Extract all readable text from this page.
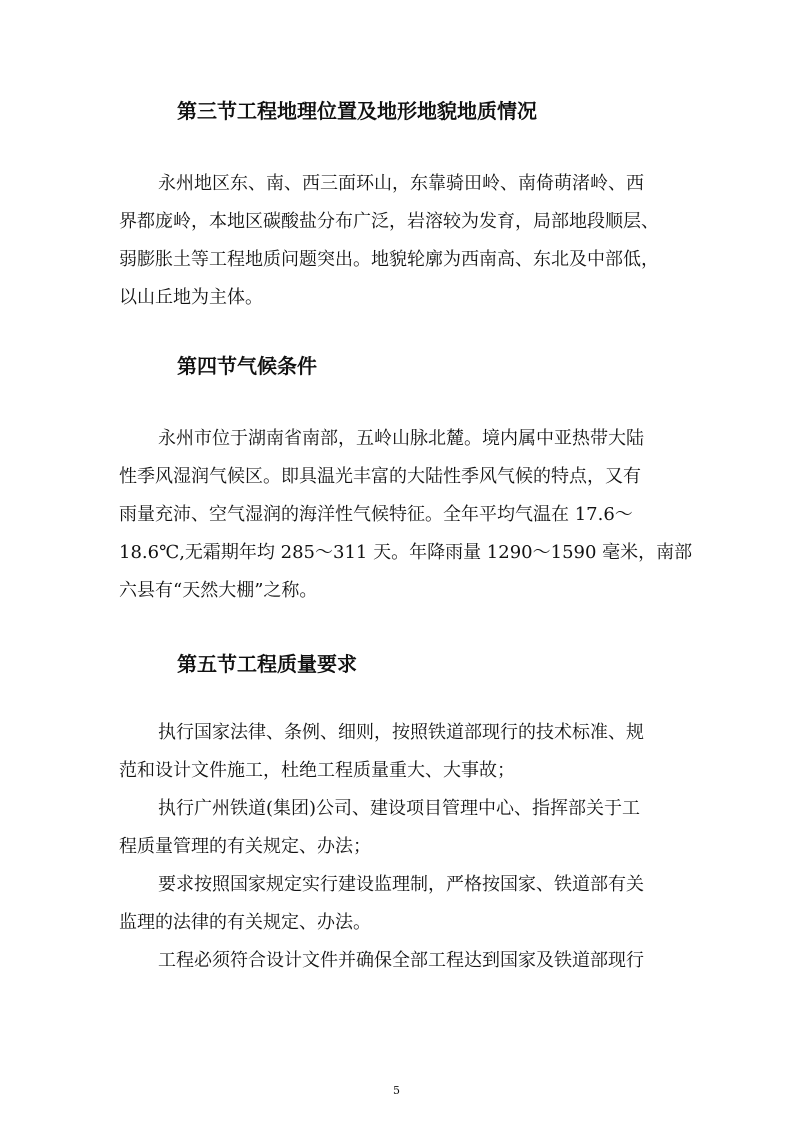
第三节工程地理位置及地形地貌地质情况
永州地区东、南、西三面环山，东靠骑田岭、南倚萌渚岭、西
界都庞岭，本地区碳酸盐分布广泛，岩溶较为发育，局部地段顺层、
弱膨胀土等工程地质问题突出。地貌轮廓为西南高、东北及中部低，
以山丘地为主体。
第四节气候条件
永州市位于湖南省南部，五岭山脉北麓。境内属中亚热带大陆
性季风湿润气候区。即具温光丰富的大陆性季风气候的特点，又有
雨量充沛、空气湿润的海洋性气候特征。全年平均气温在 17.6～
18.6℃,无霜期年均 285～311 天。年降雨量 1290～1590 毫米，南部
六县有“天然大棚”之称。
第五节工程质量要求
执行国家法律、条例、细则，按照铁道部现行的技术标准、规
范和设计文件施工，杜绝工程质量重大、大事故；
执行广州铁道(集团)公司、建设项目管理中心、指挥部关于工
程质量管理的有关规定、办法；
要求按照国家规定实行建设监理制，严格按国家、铁道部有关
监理的法律的有关规定、办法。
工程必须符合设计文件并确保全部工程达到国家及铁道部现行
5
